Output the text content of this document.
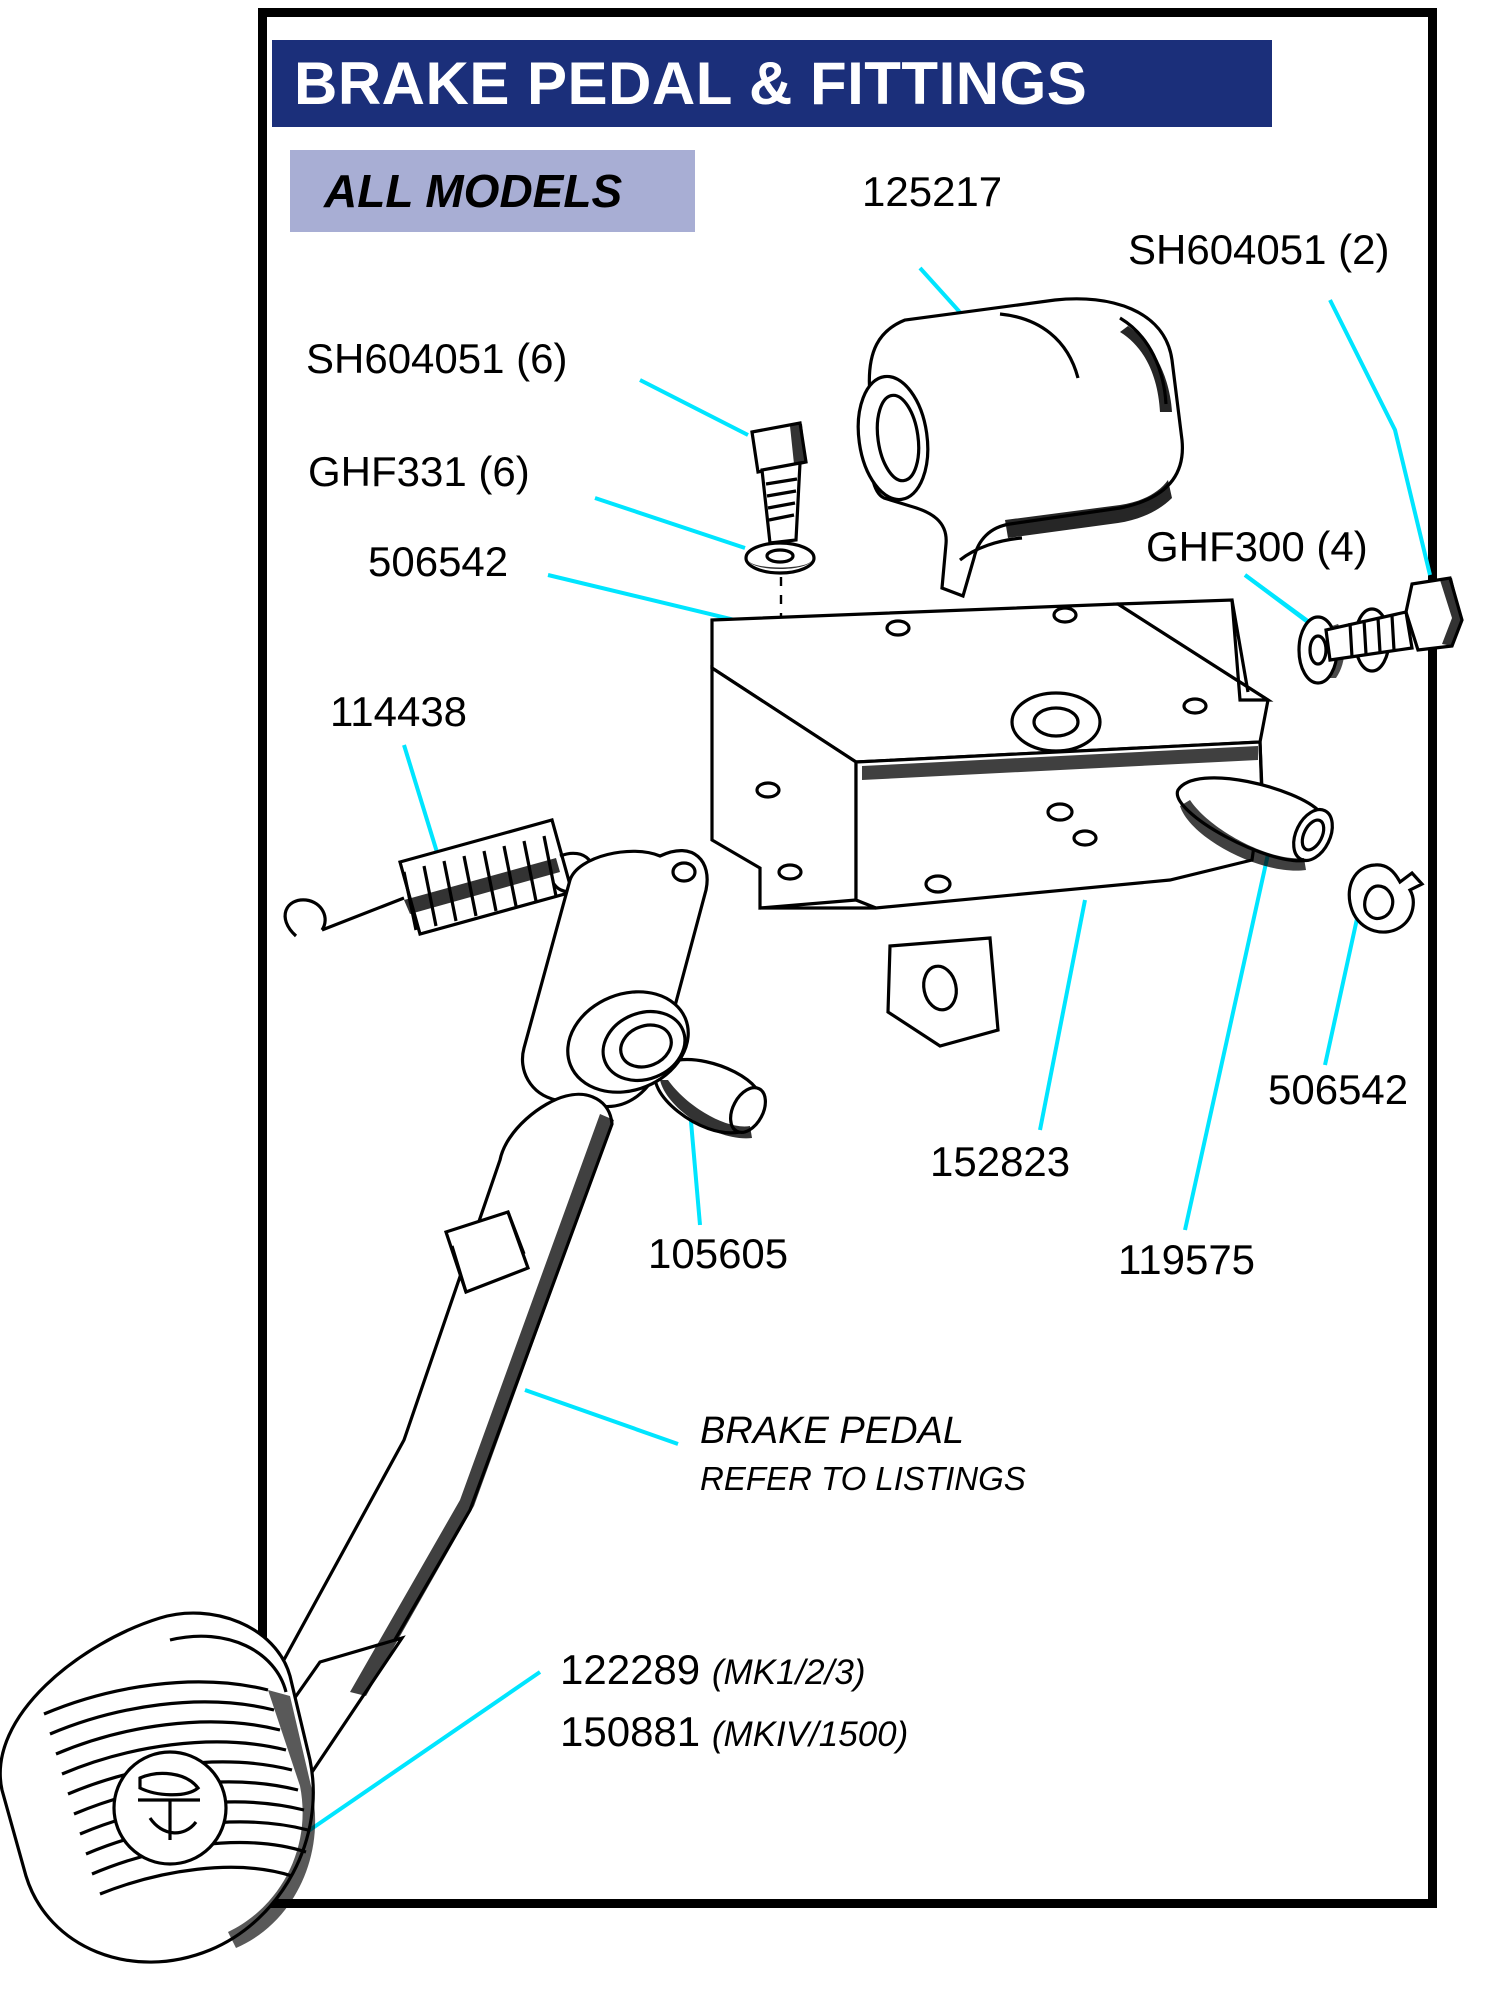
BRAKE PEDAL & FITTINGS
ALL MODELS	125217
SH604051 (2)
SH604051 (6)
GHF331 (6)
506542	GHF300 (4)
114438
506542
152823
119575
105605
BRAKE PEDAL
REFER TO LISTINGS
122289 (MK1/2/3)
150881 (MKIV/1500)
